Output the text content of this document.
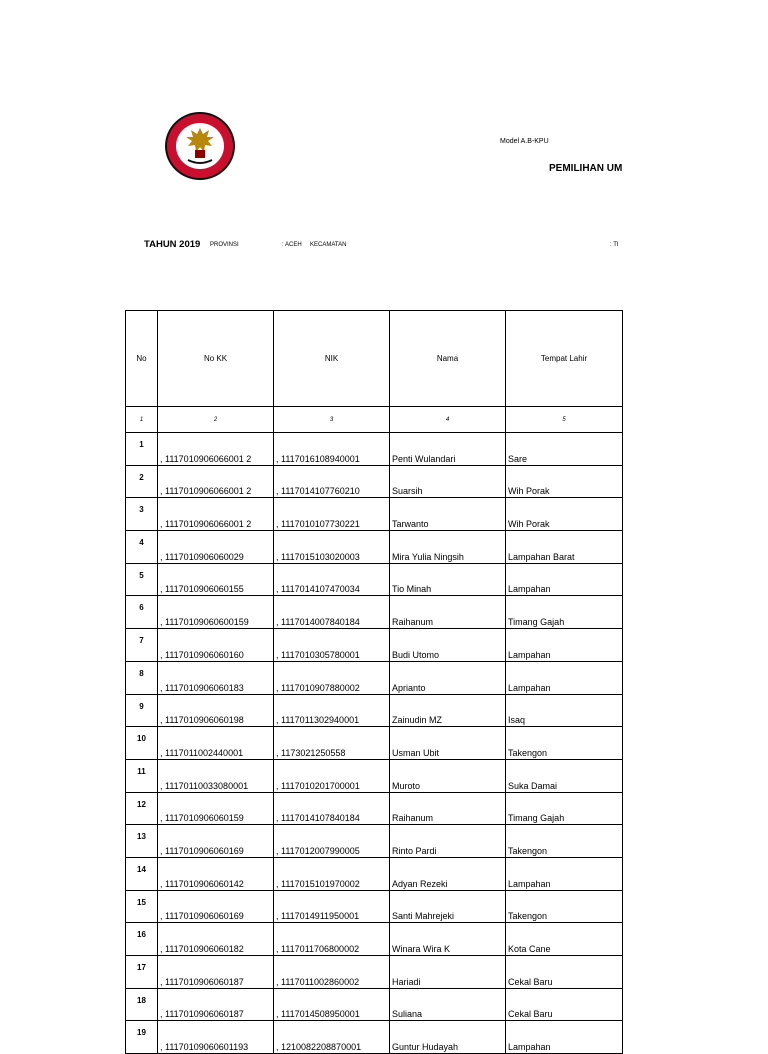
Model A.B-KPU
PEMILIHAN UM
TAHUN 2019 PROVINSI	: ACEH KECAMATAN	: TI
No	No KK	NIK	Nama	Tempat Lahir
1	2	3	4	5
1	, 1117010906066001 2	, 1117016108940001	Penti Wulandari	Sare
2	, 1117010906066001 2	, 1117014107760210	Suarsih	Wih Porak
3	, 1117010906066001 2	, 1117010107730221	Tarwanto	Wih Porak
4	, 1117010906060029	, 1117015103020003	Mira Yulia Ningsih	Lampahan Barat
5	, 1117010906060155	, 1117014107470034	Tio Minah	Lampahan
6	, 11170109060600159	, 1117014007840184	Raihanum	Timang Gajah
7	, 1117010906060160	, 1117010305780001	Budi Utomo	Lampahan
8	, 1117010906060183	, 1117010907880002	Aprianto	Lampahan
9	, 1117010906060198	, 1117011302940001	Zainudin MZ	Isaq
10	, 1117011002440001	, 1173021250558	Usman Ubit	Takengon
11	, 11170110033080001	, 1117010201700001	Muroto	Suka Damai
12	, 1117010906060159	, 1117014107840184	Raihanum	Timang Gajah
13	, 1117010906060169	, 1117012007990005	Rinto Pardi	Takengon
14	, 1117010906060142	, 1117015101970002	Adyan Rezeki	Lampahan
15	, 1117010906060169	, 1117014911950001	Santi Mahrejeki	Takengon
16	, 1117010906060182	, 1117011706800002	Winara Wira K	Kota Cane
17	, 1117010906060187	, 1117011002860002	Hariadi	Cekal Baru
18	, 1117010906060187	, 1117014508950001	Suliana	Cekal Baru
19	, 11170109060601193	, 1210082208870001	Guntur Hudayah	Lampahan
